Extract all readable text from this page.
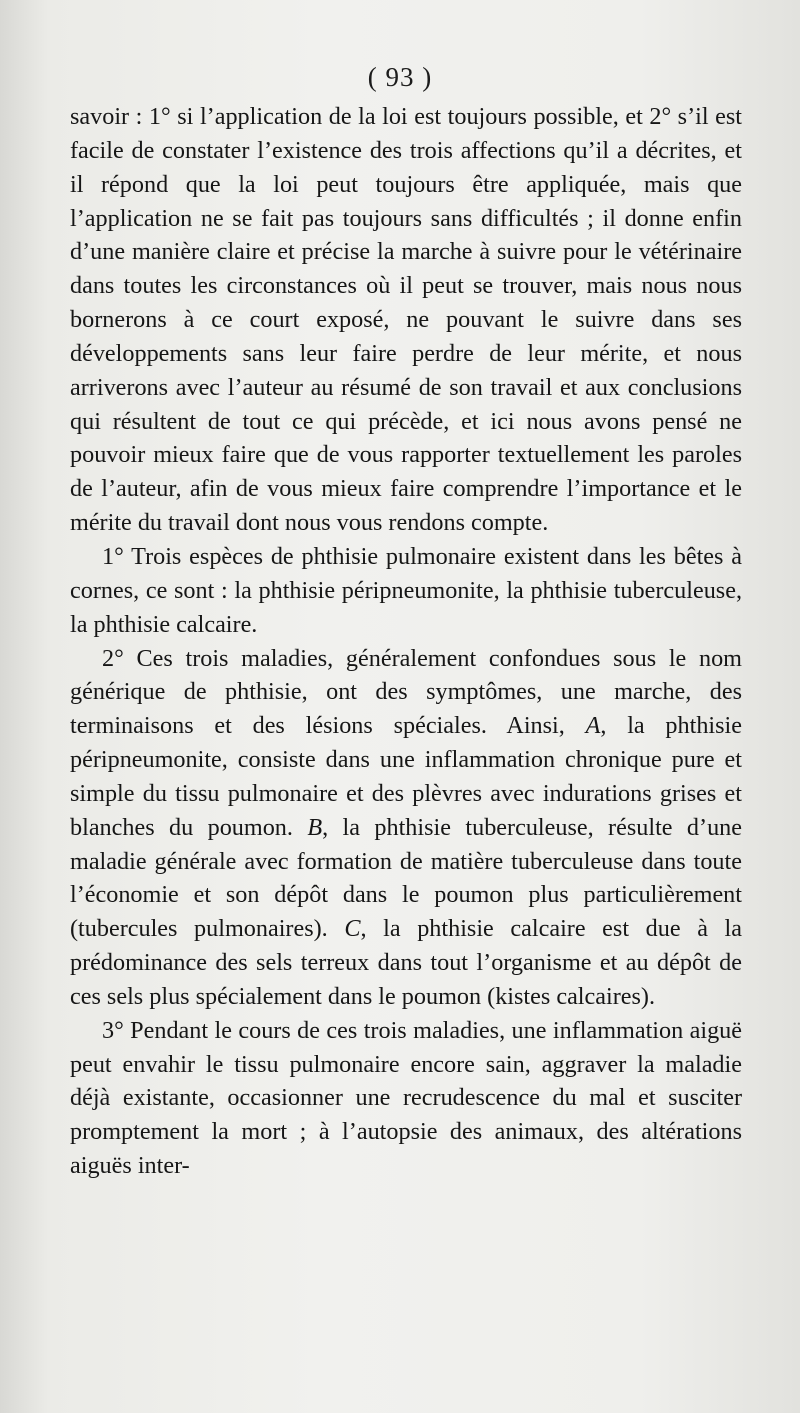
( 93 )

savoir : 1° si l’application de la loi est toujours possible, et 2° s’il est facile de constater l’existence des trois affections qu’il a décrites, et il répond que la loi peut toujours être appliquée, mais que l’application ne se fait pas toujours sans difficultés ; il donne enfin d’une manière claire et précise la marche à suivre pour le vétérinaire dans toutes les circonstances où il peut se trouver, mais nous nous bornerons à ce court exposé, ne pouvant le suivre dans ses développements sans leur faire perdre de leur mérite, et nous arriverons avec l’auteur au résumé de son travail et aux conclusions qui résultent de tout ce qui précède, et ici nous avons pensé ne pouvoir mieux faire que de vous rapporter textuellement les paroles de l’auteur, afin de vous mieux faire comprendre l’importance et le mérite du travail dont nous vous rendons compte.

1° Trois espèces de phthisie pulmonaire existent dans les bêtes à cornes, ce sont : la phthisie péripneumonite, la phthisie tuberculeuse, la phthisie calcaire.

2° Ces trois maladies, généralement confondues sous le nom générique de phthisie, ont des symptômes, une marche, des terminaisons et des lésions spéciales. Ainsi, A, la phthisie péripneumonite, consiste dans une inflammation chronique pure et simple du tissu pulmonaire et des plèvres avec indurations grises et blanches du poumon. B, la phthisie tuberculeuse, résulte d’une maladie générale avec formation de matière tuberculeuse dans toute l’économie et son dépôt dans le poumon plus particulièrement (tubercules pulmonaires). C, la phthisie calcaire est due à la prédominance des sels terreux dans tout l’organisme et au dépôt de ces sels plus spécialement dans le poumon (kistes calcaires).

3° Pendant le cours de ces trois maladies, une inflammation aiguë peut envahir le tissu pulmonaire encore sain, aggraver la maladie déjà existante, occasionner une recrudescence du mal et susciter promptement la mort ; à l’autopsie des animaux, des altérations aiguës inter-
